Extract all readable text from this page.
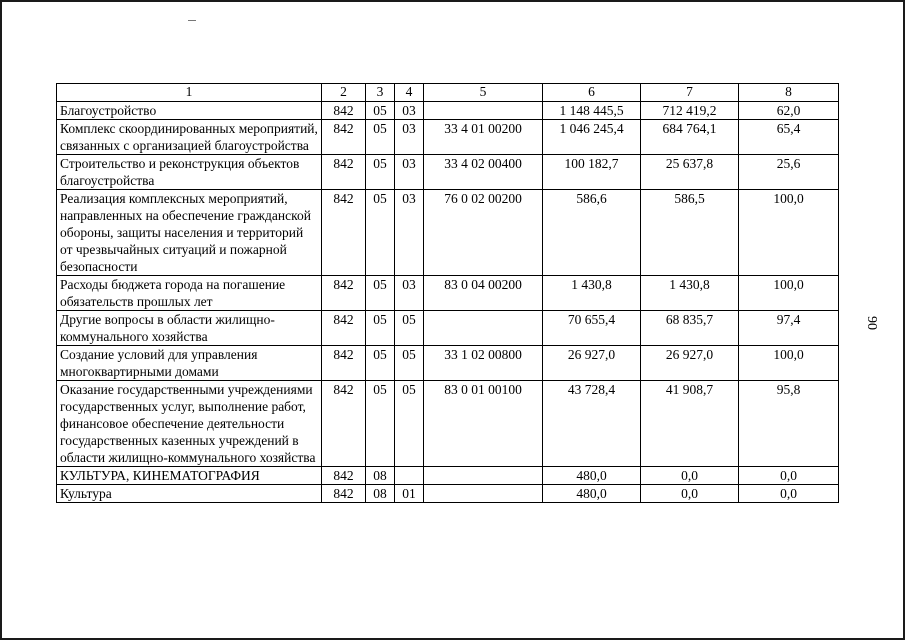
1	2	3	4	5	6	7	8
Благоустройство	842	05	03		1 148 445,5	712 419,2	62,0
Комплекс скоординированных мероприятий, связанных с организацией благоустройства	842	05	03	33 4 01 00200	1 046 245,4	684 764,1	65,4
Строительство и реконструкция объектов благоустройства	842	05	03	33 4 02 00400	100 182,7	25 637,8	25,6
Реализация комплексных мероприятий, направленных на обеспечение гражданской обороны, защиты населения и территорий от чрезвычайных ситуаций и пожарной безопасности	842	05	03	76 0 02 00200	586,6	586,5	100,0
Расходы бюджета города на погашение обязательств прошлых лет	842	05	03	83 0 04 00200	1 430,8	1 430,8	100,0
Другие вопросы в области жилищно-коммунального хозяйства	842	05	05		70 655,4	68 835,7	97,4
Создание условий для управления многоквартирными домами	842	05	05	33 1 02 00800	26 927,0	26 927,0	100,0
Оказание государственными учреждениями государственных услуг, выполнение работ, финансовое обеспечение деятельности государственных казенных учреждений в области жилищно-коммунального хозяйства	842	05	05	83 0 01 00100	43 728,4	41 908,7	95,8
КУЛЬТУРА, КИНЕМАТОГРАФИЯ	842	08			480,0	0,0	0,0
Культура	842	08	01		480,0	0,0	0,0
90
